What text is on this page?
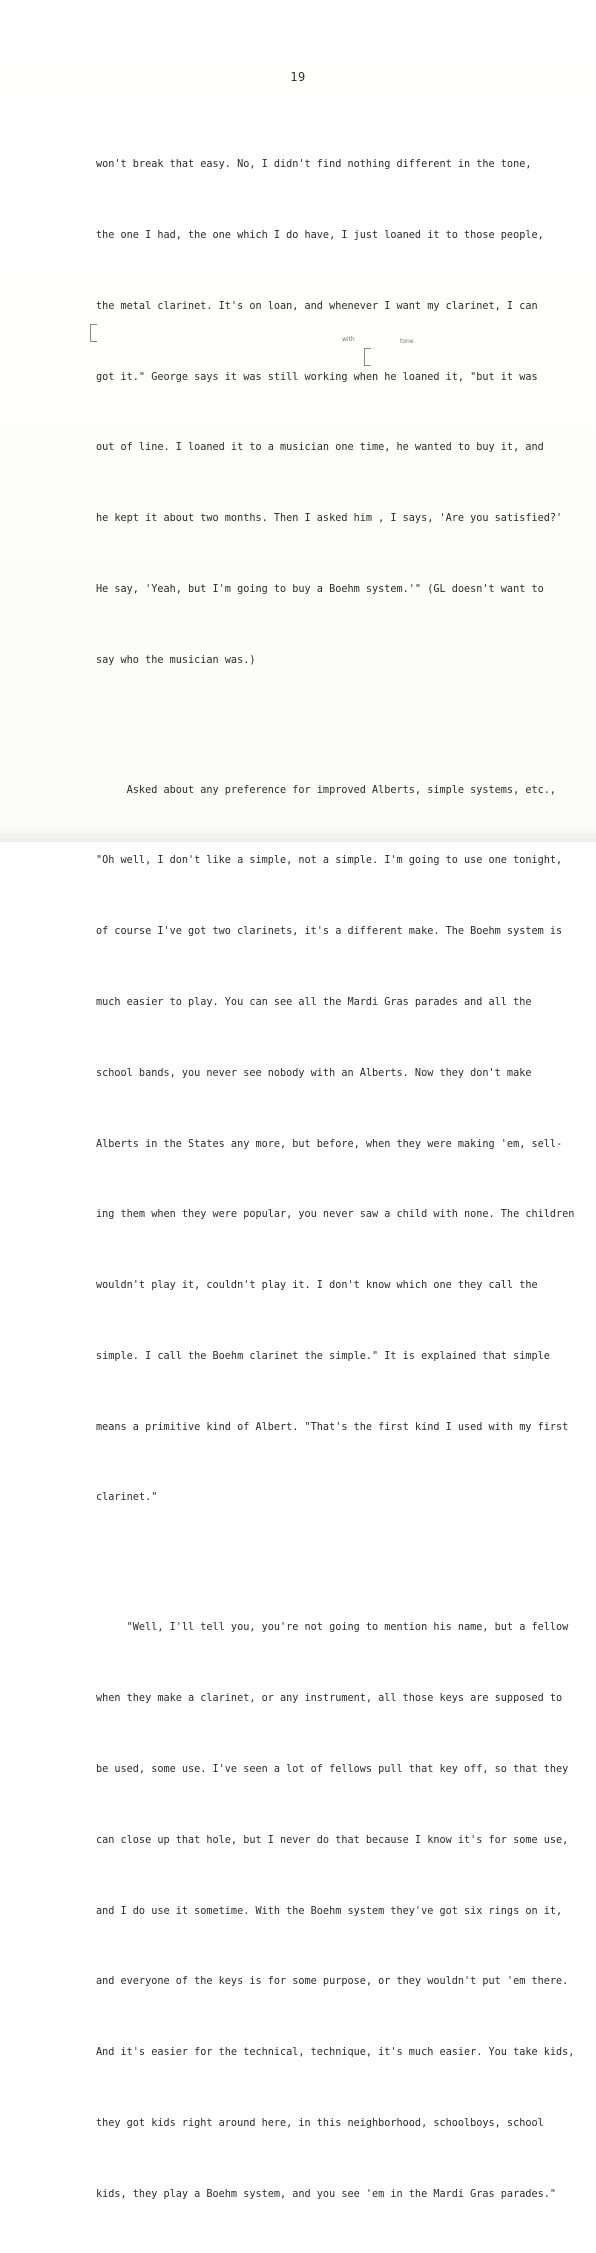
19

won't break that easy. No, I didn't find nothing different in the tone,

the one I had, the one which I do have, I just loaned it to those people,

the metal clarinet. It's on loan, and whenever I want my clarinet, I can

got it." George says it was still working when he loaned it, "but it was

out of line. I loaned it to a musician one time, he wanted to buy it, and

he kept it about two months. Then I asked him , I says, 'Are you satisfied?'

He say, 'Yeah, but I'm going to buy a Boehm system.'" (GL doesn't want to

say who the musician was.)

Asked about any preference for improved Alberts, simple systems, etc.,

"Oh well, I don't like a simple, not a simple. I'm going to use one tonight,

of course I've got two clarinets, it's a different make. The Boehm system is

much easier to play. You can see all the Mardi Gras parades and all the

school bands, you never see nobody with an Alberts. Now they don't make

Alberts in the States any more, but before, when they were making 'em, sell-

ing them when they were popular, you never saw a child with none. The children

wouldn't play it, couldn't play it. I don't know which one they call the

simple. I call the Boehm clarinet the simple." It is explained that simple

means a primitive kind of Albert. "That's the first kind I used with my first

clarinet."

"Well, I'll tell you, you're not going to mention his name, but a fellow

when they make a clarinet, or any instrument, all those keys are supposed to

be used, some use. I've seen a lot of fellows pull that key off, so that they

can close up that hole, but I never do that because I know it's for some use,

and I do use it sometime. With the Boehm system they've got six rings on it,

and everyone of the keys is for some purpose, or they wouldn't put 'em there.

And it's easier for the technical, technique, it's much easier. You take kids,

they got kids right around here, in this neighborhood, schoolboys, school

kids, they play a Boehm system, and you see 'em in the Mardi Gras parades."

with	tone
